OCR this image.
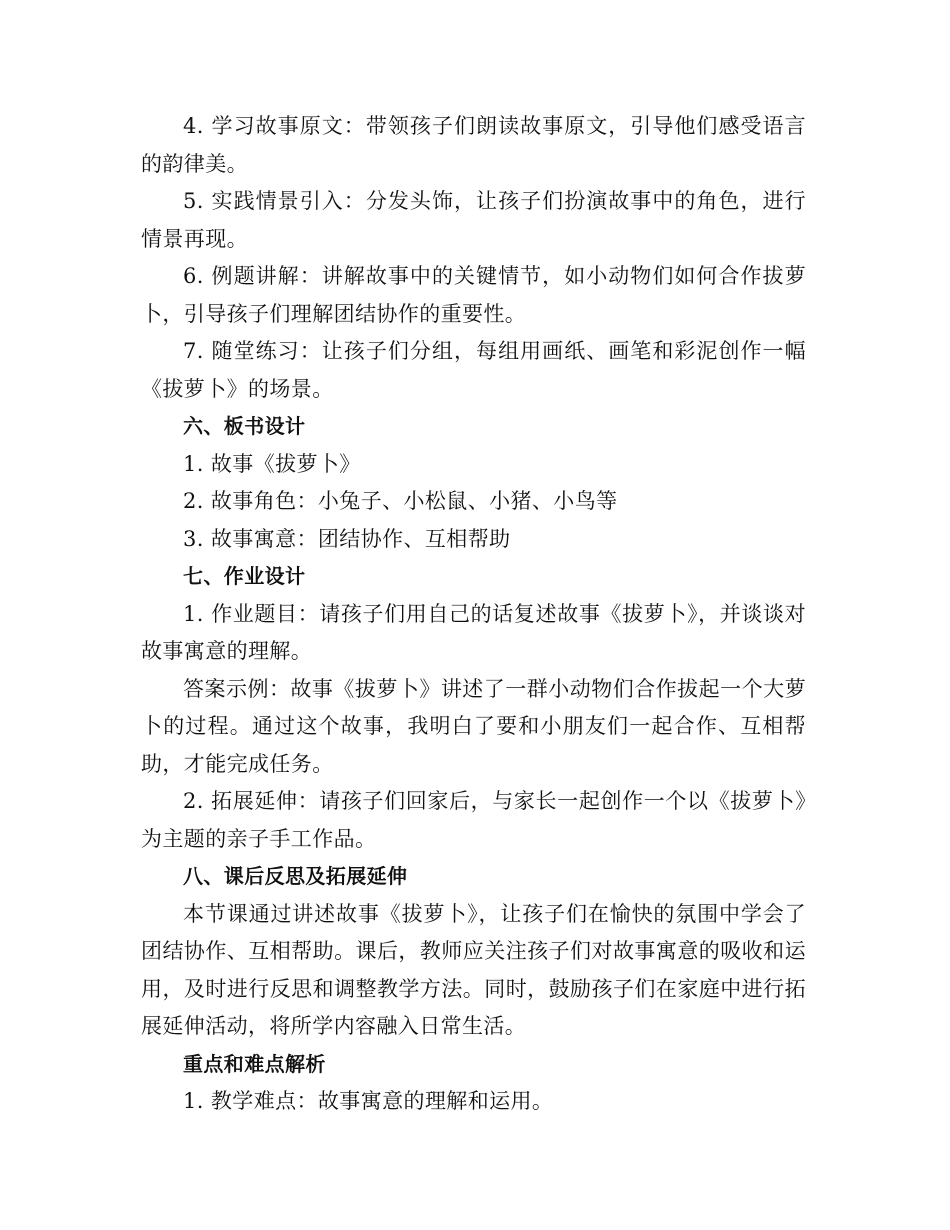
4. 学习故事原文：带领孩子们朗读故事原文，引导他们感受语言的韵律美。

5. 实践情景引入：分发头饰，让孩子们扮演故事中的角色，进行情景再现。

6. 例题讲解：讲解故事中的关键情节，如小动物们如何合作拔萝卜，引导孩子们理解团结协作的重要性。

7. 随堂练习：让孩子们分组，每组用画纸、画笔和彩泥创作一幅《拔萝卜》的场景。

六、板书设计

1. 故事《拔萝卜》

2. 故事角色：小兔子、小松鼠、小猪、小鸟等

3. 故事寓意：团结协作、互相帮助

七、作业设计

1. 作业题目：请孩子们用自己的话复述故事《拔萝卜》，并谈谈对故事寓意的理解。

答案示例：故事《拔萝卜》讲述了一群小动物们合作拔起一个大萝卜的过程。通过这个故事，我明白了要和小朋友们一起合作、互相帮助，才能完成任务。

2. 拓展延伸：请孩子们回家后，与家长一起创作一个以《拔萝卜》为主题的亲子手工作品。

八、课后反思及拓展延伸

本节课通过讲述故事《拔萝卜》，让孩子们在愉快的氛围中学会了团结协作、互相帮助。课后，教师应关注孩子们对故事寓意的吸收和运用，及时进行反思和调整教学方法。同时，鼓励孩子们在家庭中进行拓展延伸活动，将所学内容融入日常生活。

重点和难点解析

1. 教学难点：故事寓意的理解和运用。
